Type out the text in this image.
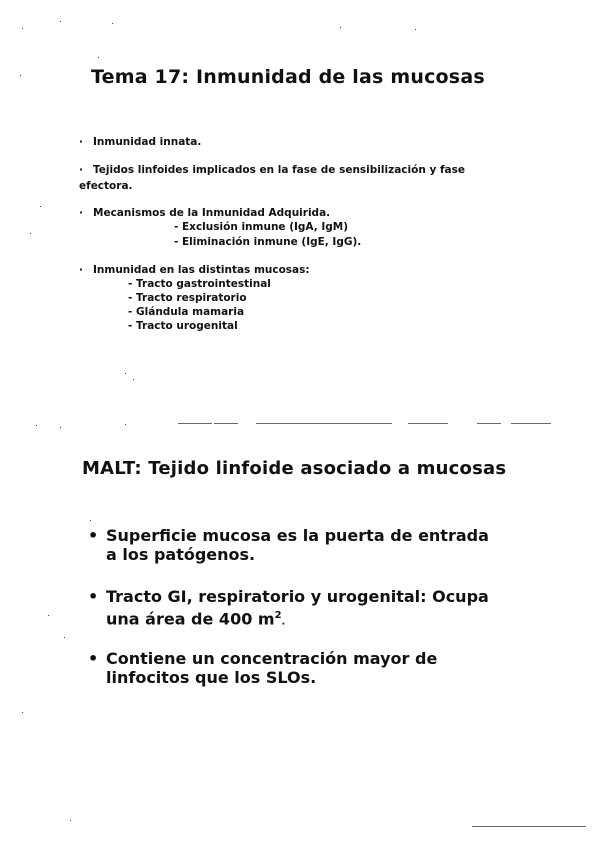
Tema 17: Inmunidad de las mucosas
· Inmunidad innata.
· Tejidos linfoides implicados en la fase de sensibilización y fase
efectora.
· Mecanismos de la Inmunidad Adquirida.
- Exclusión inmune (IgA, IgM)
- Eliminación inmune (IgE, IgG).
· Inmunidad en las distintas mucosas:
- Tracto gastrointestinal
- Tracto respiratorio
- Glándula mamaria
- Tracto urogenital
MALT: Tejido linfoide asociado a mucosas
• Superficie mucosa es la puerta de entrada
a los patógenos.
• Tracto GI, respiratorio y urogenital: Ocupa
una área de 400 $m^2$.
• Contiene un concentración mayor de
linfocitos que los SLOs.
